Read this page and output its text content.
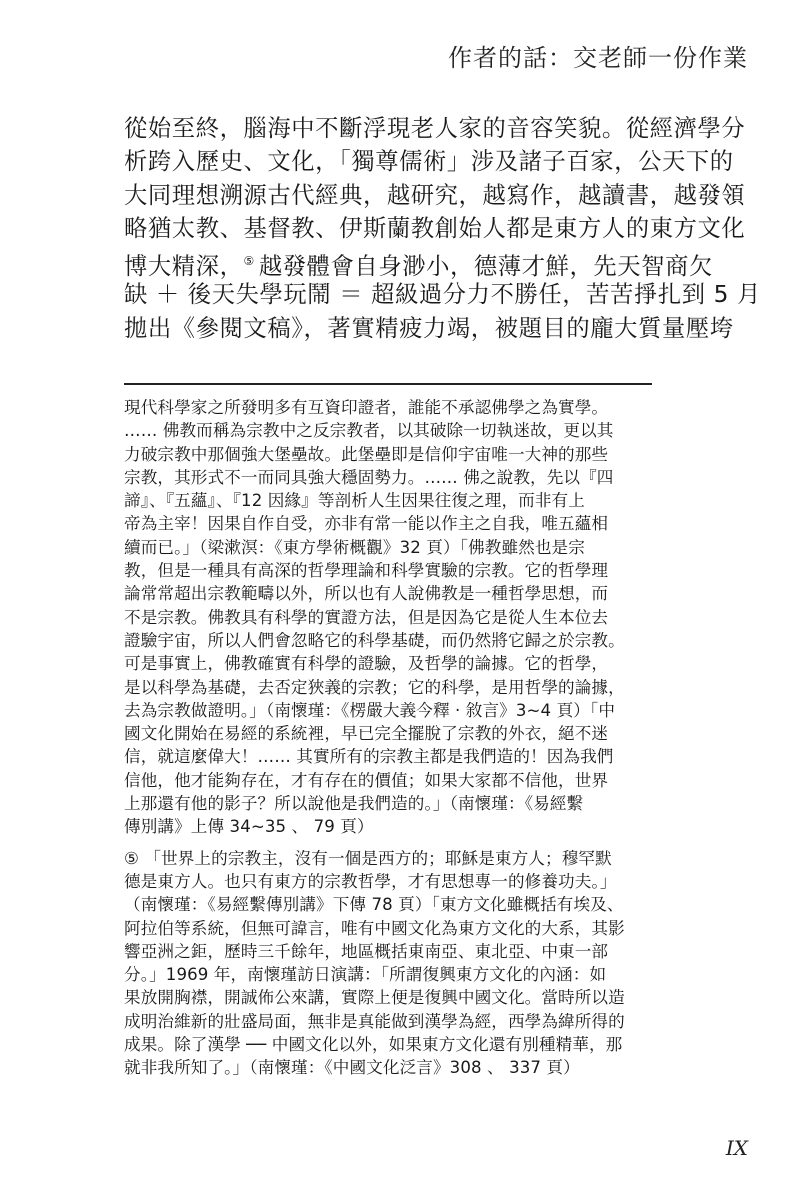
作者的話：交老師一份作業
從始至終，腦海中不斷浮現老人家的音容笑貌。從經濟學分
析跨入歷史、文化，「獨尊儒術」涉及諸子百家，公天下的
大同理想溯源古代經典，越研究，越寫作，越讀書，越發領
略猶太教、基督教、伊斯蘭教創始人都是東方人的東方文化
博大精深，⑤ 越發體會自身渺小，德薄才鮮，先天智商欠
缺 ＋ 後天失學玩鬧 ＝ 超級過分力不勝任，苦苦掙扎到 5 月
拋出《參閱文稿》，著實精疲力竭，被題目的龐大質量壓垮
現代科學家之所發明多有互資印證者，誰能不承認佛學之為實學。
…… 佛教而稱為宗教中之反宗教者，以其破除一切執迷故，更以其
力破宗教中那個強大堡壘故。此堡壘即是信仰宇宙唯一大神的那些
宗教，其形式不一而同具強大穩固勢力。…… 佛之說教，先以『四
諦』、『五蘊』、『12 因緣』等剖析人生因果往復之理，而非有上
帝為主宰！因果自作自受，亦非有常一能以作主之自我，唯五蘊相
續而已。」（梁漱溟：《東方學術概觀》32 頁）「佛教雖然也是宗
教，但是一種具有高深的哲學理論和科學實驗的宗教。它的哲學理
論常常超出宗教範疇以外，所以也有人說佛教是一種哲學思想，而
不是宗教。佛教具有科學的實證方法，但是因為它是從人生本位去
證驗宇宙，所以人們會忽略它的科學基礎，而仍然將它歸之於宗教。
可是事實上，佛教確實有科學的證驗，及哲學的論據。它的哲學，
是以科學為基礎，去否定狹義的宗教；它的科學，是用哲學的論據，
去為宗教做證明。」（南懷瑾：《楞嚴大義今釋 · 敘言》3~4 頁）「中
國文化開始在易經的系統裡，早已完全擺脫了宗教的外衣，絕不迷
信，就這麼偉大！…… 其實所有的宗教主都是我們造的！因為我們
信他，他才能夠存在，才有存在的價值；如果大家都不信他，世界
上那還有他的影子？所以說他是我們造的。」（南懷瑾：《易經繫
傳別講》上傳 34~35 、 79 頁）
⑤ 「世界上的宗教主，沒有一個是西方的；耶穌是東方人；穆罕默
德是東方人。也只有東方的宗教哲學，才有思想專一的修養功夫。」
（南懷瑾：《易經繫傳別講》下傳 78 頁）「東方文化雖概括有埃及、
阿拉伯等系統，但無可諱言，唯有中國文化為東方文化的大系，其影
響亞洲之鉅，歷時三千餘年，地區概括東南亞、東北亞、中東一部
分。」1969 年，南懷瑾訪日演講：「所謂復興東方文化的內涵：如
果放開胸襟，開誠佈公來講，實際上便是復興中國文化。當時所以造
成明治維新的壯盛局面，無非是真能做到漢學為經，西學為緯所得的
成果。除了漢學 ── 中國文化以外，如果東方文化還有別種精華，那
就非我所知了。」（南懷瑾：《中國文化泛言》308 、 337 頁）
IX
